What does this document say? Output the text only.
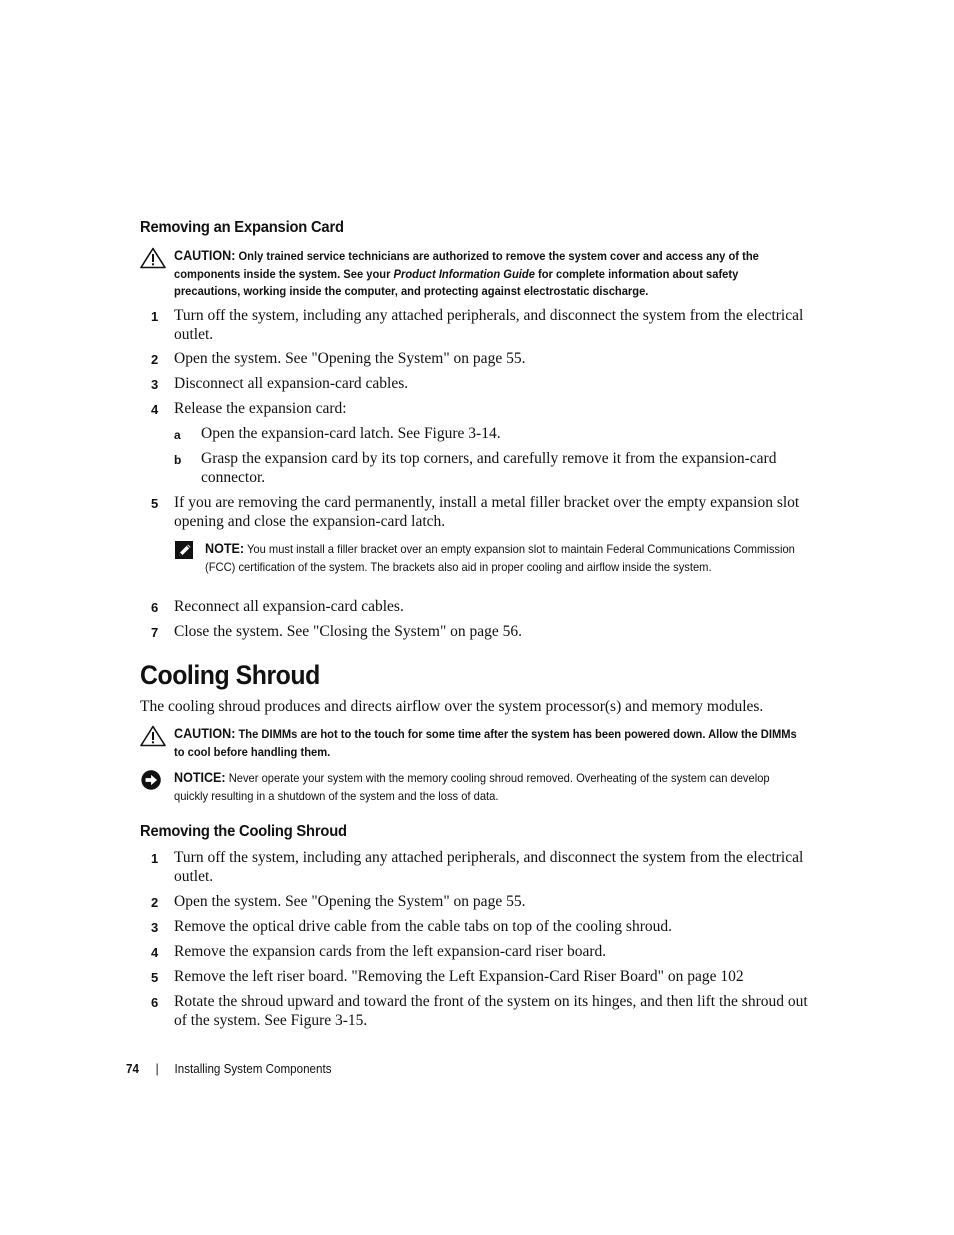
Removing an Expansion Card
CAUTION: Only trained service technicians are authorized to remove the system cover and access any of the components inside the system. See your Product Information Guide for complete information about safety precautions, working inside the computer, and protecting against electrostatic discharge.
1 Turn off the system, including any attached peripherals, and disconnect the system from the electrical outlet.
2 Open the system. See "Opening the System" on page 55.
3 Disconnect all expansion-card cables.
4 Release the expansion card:
a Open the expansion-card latch. See Figure 3-14.
b Grasp the expansion card by its top corners, and carefully remove it from the expansion-card connector.
5 If you are removing the card permanently, install a metal filler bracket over the empty expansion slot opening and close the expansion-card latch.
NOTE: You must install a filler bracket over an empty expansion slot to maintain Federal Communications Commission (FCC) certification of the system. The brackets also aid in proper cooling and airflow inside the system.
6 Reconnect all expansion-card cables.
7 Close the system. See "Closing the System" on page 56.
Cooling Shroud
The cooling shroud produces and directs airflow over the system processor(s) and memory modules.
CAUTION: The DIMMs are hot to the touch for some time after the system has been powered down. Allow the DIMMs to cool before handling them.
NOTICE: Never operate your system with the memory cooling shroud removed. Overheating of the system can develop quickly resulting in a shutdown of the system and the loss of data.
Removing the Cooling Shroud
1 Turn off the system, including any attached peripherals, and disconnect the system from the electrical outlet.
2 Open the system. See "Opening the System" on page 55.
3 Remove the optical drive cable from the cable tabs on top of the cooling shroud.
4 Remove the expansion cards from the left expansion-card riser board.
5 Remove the left riser board. "Removing the Left Expansion-Card Riser Board" on page 102
6 Rotate the shroud upward and toward the front of the system on its hinges, and then lift the shroud out of the system. See Figure 3-15.
74 | Installing System Components
